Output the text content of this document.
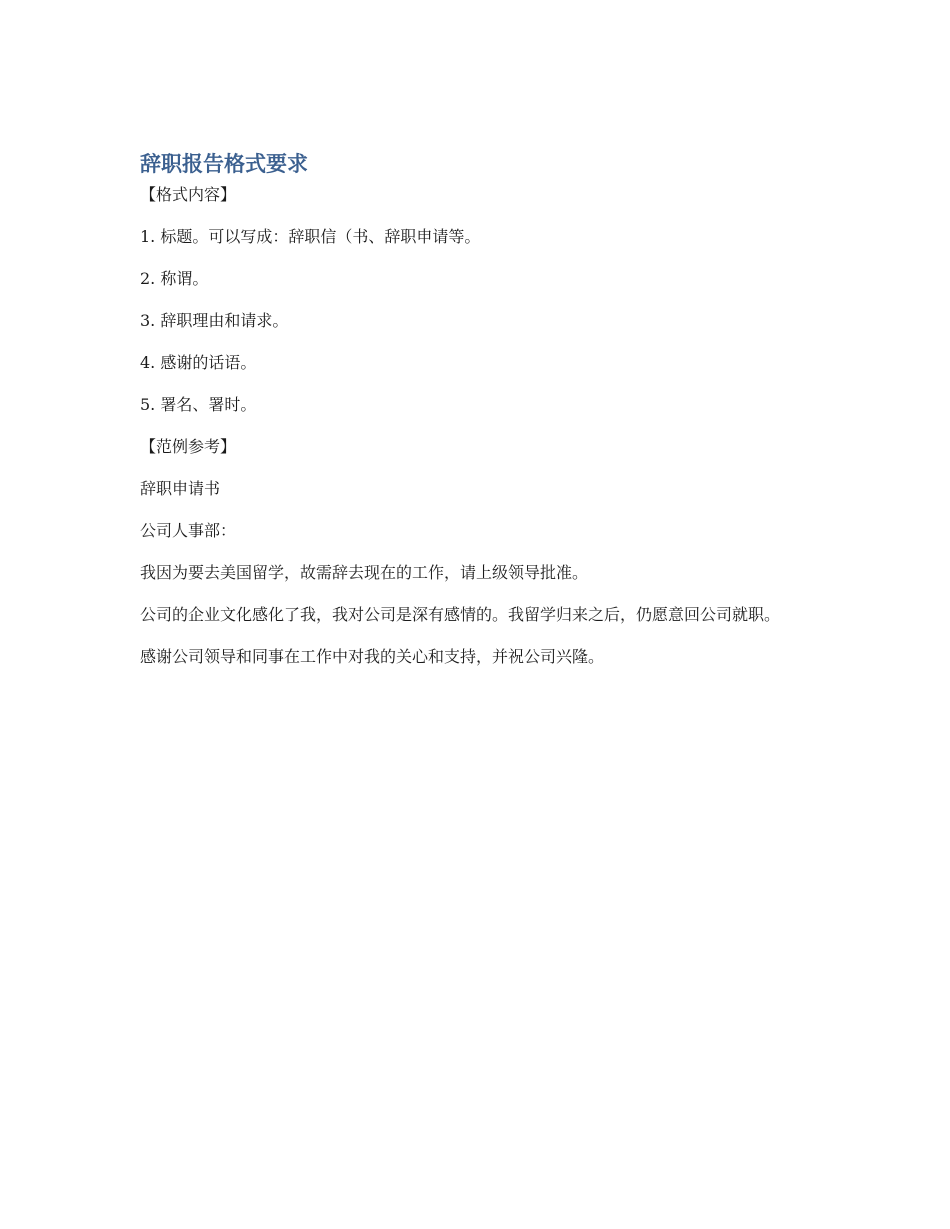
辞职报告格式要求

【格式内容】

1. 标题。可以写成：辞职信（书、辞职申请等。

2. 称谓。

3. 辞职理由和请求。

4. 感谢的话语。

5. 署名、署时。

【范例参考】

辞职申请书

公司人事部：

我因为要去美国留学，故需辞去现在的工作，请上级领导批准。

公司的企业文化感化了我，我对公司是深有感情的。我留学归来之后，仍愿意回公司就职。

感谢公司领导和同事在工作中对我的关心和支持，并祝公司兴隆。
